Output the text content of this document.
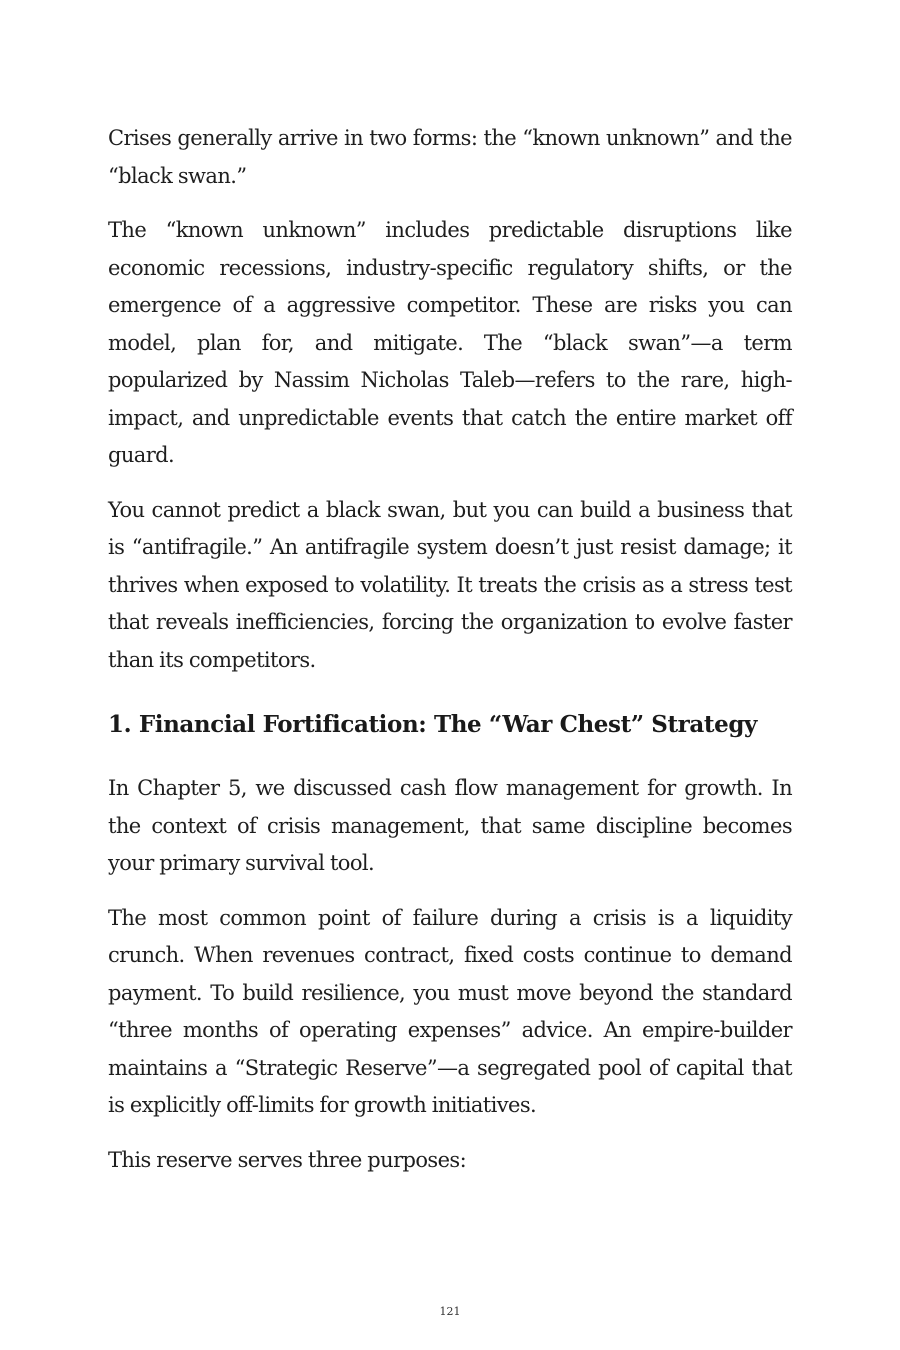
Crises generally arrive in two forms: the “known unknown” and the “black swan.”

The “known unknown” includes predictable disruptions like economic recessions, industry-specific regulatory shifts, or the emergence of a aggressive competitor. These are risks you can model, plan for, and mitigate. The “black swan”—a term popularized by Nassim Nicholas Taleb—refers to the rare, high-impact, and unpredictable events that catch the entire market off guard.

You cannot predict a black swan, but you can build a business that is “antifragile.” An antifragile system doesn’t just resist damage; it thrives when exposed to volatility. It treats the crisis as a stress test that reveals inefficiencies, forcing the organization to evolve faster than its competitors.

1. Financial Fortification: The “War Chest” Strategy

In Chapter 5, we discussed cash flow management for growth. In the context of crisis management, that same discipline becomes your primary survival tool.

The most common point of failure during a crisis is a liquidity crunch. When revenues contract, fixed costs continue to demand payment. To build resilience, you must move beyond the standard “three months of operating expenses” advice. An empire-builder maintains a “Strategic Reserve”—a segregated pool of capital that is explicitly off-limits for growth initiatives.

This reserve serves three purposes:

121
